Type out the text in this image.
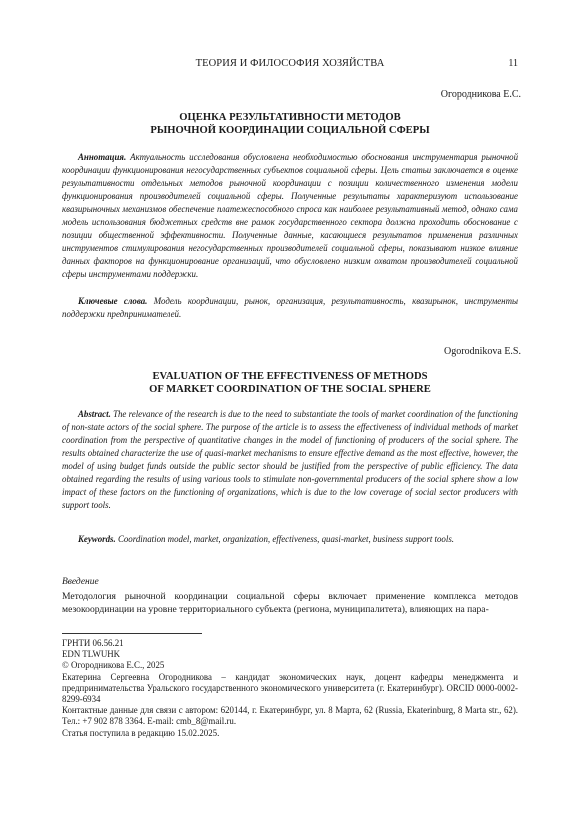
ТЕОРИЯ И ФИЛОСОФИЯ ХОЗЯЙСТВА	11
Огородникова Е.С.
ОЦЕНКА РЕЗУЛЬТАТИВНОСТИ МЕТОДОВ
РЫНОЧНОЙ КООРДИНАЦИИ СОЦИАЛЬНОЙ СФЕРЫ

Аннотация. Актуальность исследования обусловлена необходимостью обоснования инструментария рыночной координации функционирования негосударственных субъектов социальной сферы. Цель статьи заключается в оценке результативности отдельных методов рыночной координации с позиции количественного изменения модели функционирования производителей социальной сферы. Полученные результаты характеризуют использование квазирыночных механизмов обеспечение платежеспособного спроса как наиболее результативный метод, однако сама модель использования бюджетных средств вне рамок государственного сектора должна проходить обоснование с позиции общественной эффективности. Полученные данные, касающиеся результатов применения различных инструментов стимулирования негосударственных производителей социальной сферы, показывают низкое влияние данных факторов на функционирование организаций, что обусловлено низким охватом производителей социальной сферы инструментами поддержки.

Ключевые слова. Модель координации, рынок, организация, результативность, квазирынок, инструменты поддержки предпринимателей.

Ogorodnikova E.S.
EVALUATION OF THE EFFECTIVENESS OF METHODS
OF MARKET COORDINATION OF THE SOCIAL SPHERE

Abstract. The relevance of the research is due to the need to substantiate the tools of market coordination of the functioning of non-state actors of the social sphere. The purpose of the article is to assess the effectiveness of individual methods of market coordination from the perspective of quantitative changes in the model of functioning of producers of the social sphere. The results obtained characterize the use of quasi-market mechanisms to ensure effective demand as the most effective, however, the model of using budget funds outside the public sector should be justified from the perspective of public efficiency. The data obtained regarding the results of using various tools to stimulate non-governmental producers of the social sphere show a low impact of these factors on the functioning of organizations, which is due to the low coverage of social sector producers with support tools.

Keywords. Coordination model, market, organization, effectiveness, quasi-market, business support tools.

Введение

Методология рыночной координации социальной сферы включает применение комплекса методов мезокоординации на уровне территориального субъекта (региона, муниципалитета), влияющих на пара-

ГРНТИ 06.56.21
EDN TLWUHK
© Огородникова Е.С., 2025
Екатерина Сергеевна Огородникова – кандидат экономических наук, доцент кафедры менеджмента и предпринимательства Уральского государственного экономического университета (г. Екатеринбург). ORCID 0000-0002-8299-6934
Контактные данные для связи с автором: 620144, г. Екатеринбург, ул. 8 Марта, 62 (Russia, Ekaterinburg, 8 Marta str., 62). Тел.: +7 902 878 3364. E-mail: cmb_8@mail.ru.
Статья поступила в редакцию 15.02.2025.
